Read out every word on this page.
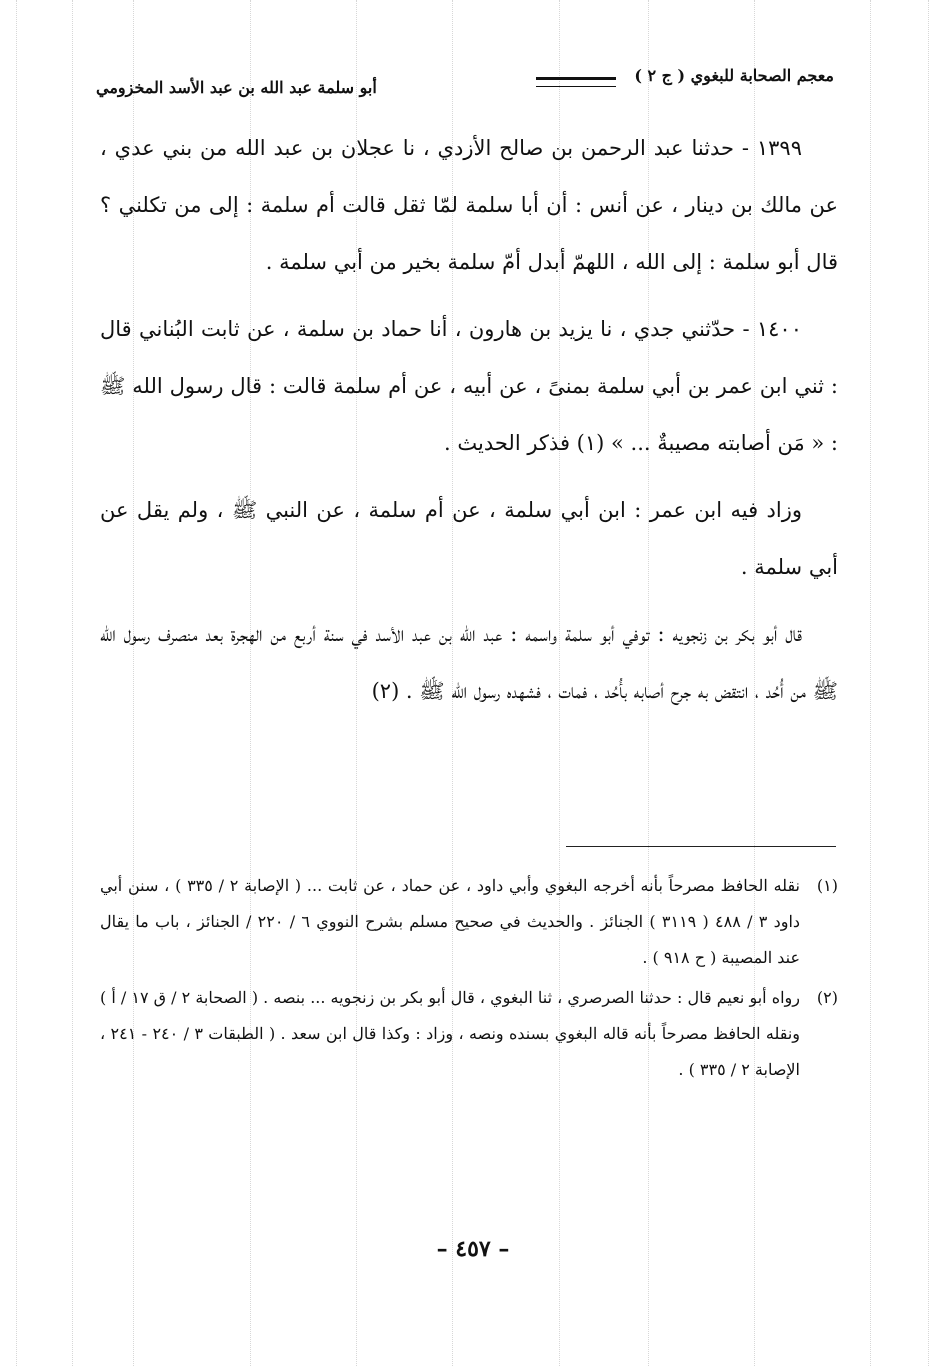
معجم الصحابة للبغوي ( ج ٢ )
أبو سلمة عبد الله بن عبد الأسد المخزومي

١٣٩٩ - حدثنا عبد الرحمن بن صالح الأزدي ، نا عجلان بن عبد الله من بني عدي ، عن مالك بن دينار ، عن أنس : أن أبا سلمة لمّا ثقل قالت أم سلمة : إلى من تكلني ؟ قال أبو سلمة : إلى الله ، اللهمّ أبدل أمّ سلمة بخير من أبي سلمة .

١٤٠٠ - حدّثني جدي ، نا يزيد بن هارون ، أنا حماد بن سلمة ، عن ثابت البُناني قال : ثني ابن عمر بن أبي سلمة بمنىً ، عن أبيه ، عن أم سلمة قالت : قال رسول الله ﷺ : « مَن أصابته مصيبةٌ ... » (١) فذكر الحديث .

وزاد فيه ابن عمر : ابن أبي سلمة ، عن أم سلمة ، عن النبي ﷺ ، ولم يقل عن أبي سلمة .

قال أبو بكر بن زنجويه : توفي أبو سلمة واسمه : عبد الله بن عبد الأسد في سنة أربع من الهجرة بعد منصرف رسول الله ﷺ من أُحُد ، انتقض به جرح أصابه بأُحُد ، فمات ، فشهده رسول الله ﷺ . (٢)

(١)
نقله الحافظ مصرحاً بأنه أخرجه البغوي وأبي داود ، عن حماد ، عن ثابت ... ( الإصابة ٢ / ٣٣٥ ) ، سنن أبي داود ٣ / ٤٨٨ ( ٣١١٩ ) الجنائز . والحديث في صحيح مسلم بشرح النووي ٦ / ٢٢٠ / الجنائز ، باب ما يقال عند المصيبة ( ح ٩١٨ ) .
(٢)
رواه أبو نعيم قال : حدثنا الصرصري ، ثنا البغوي ، قال أبو بكر بن زنجويه ... بنصه . ( الصحابة ٢ / ق ١٧ / أ ) ونقله الحافظ مصرحاً بأنه قاله البغوي بسنده ونصه ، وزاد : وكذا قال ابن سعد . ( الطبقات ٣ / ٢٤٠ - ٢٤١ ، الإصابة ٢ / ٣٣٥ ) .
– ٤٥٧ –
